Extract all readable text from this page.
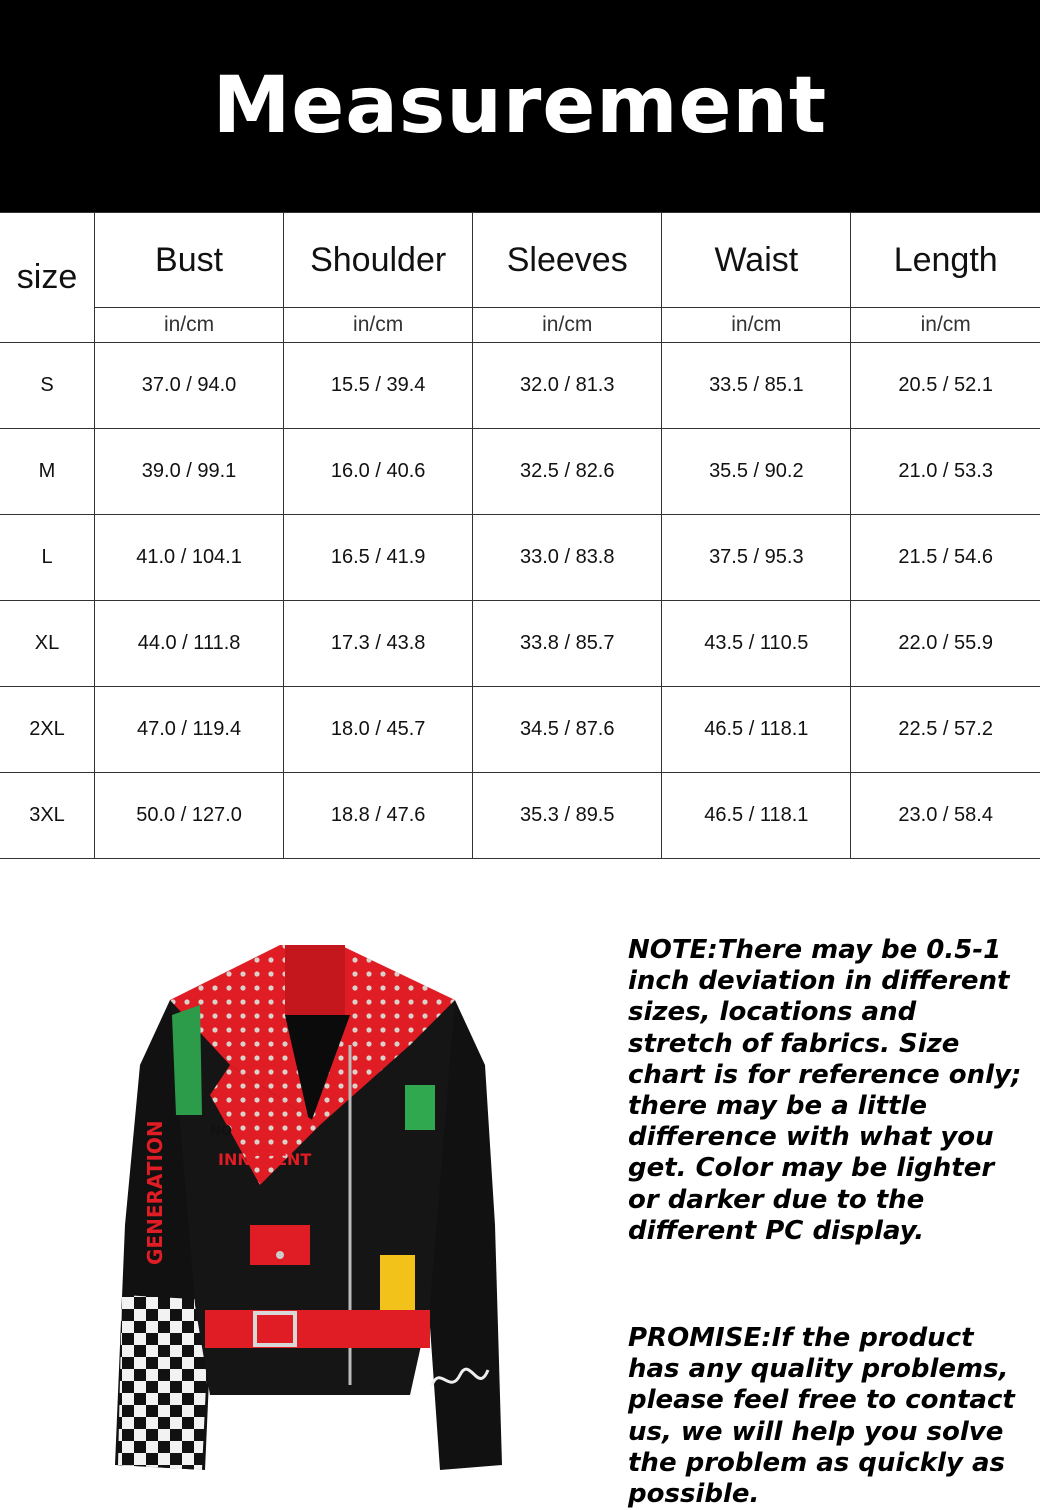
Measurement
size	Bust	Shoulder	Sleeves	Waist	Length
	in/cm	in/cm	in/cm	in/cm	in/cm
S	37.0 / 94.0	15.5 / 39.4	32.0 / 81.3	33.5 / 85.1	20.5 / 52.1
M	39.0 / 99.1	16.0 / 40.6	32.5 / 82.6	35.5 / 90.2	21.0 / 53.3
L	41.0 / 104.1	16.5 / 41.9	33.0 / 83.8	37.5 / 95.3	21.5 / 54.6
XL	44.0 / 111.8	17.3 / 43.8	33.8 / 85.7	43.5 / 110.5	22.0 / 55.9
2XL	47.0 / 119.4	18.0 / 45.7	34.5 / 87.6	46.5 / 118.1	22.5 / 57.2
3XL	50.0 / 127.0	18.8 / 47.6	35.3 / 89.5	46.5 / 118.1	23.0 / 58.4
GENERATION	INNOCENT
NO

NOTE:There may be 0.5-1
inch deviation in different
sizes, locations and
stretch of fabrics. Size
chart is for reference only;
there may be a little
difference with what you
get. Color may be lighter
or darker due to the
different PC display.

PROMISE:If the product
has any quality problems,
please feel free to contact
us, we will help you solve
the problem as quickly as
possible.
